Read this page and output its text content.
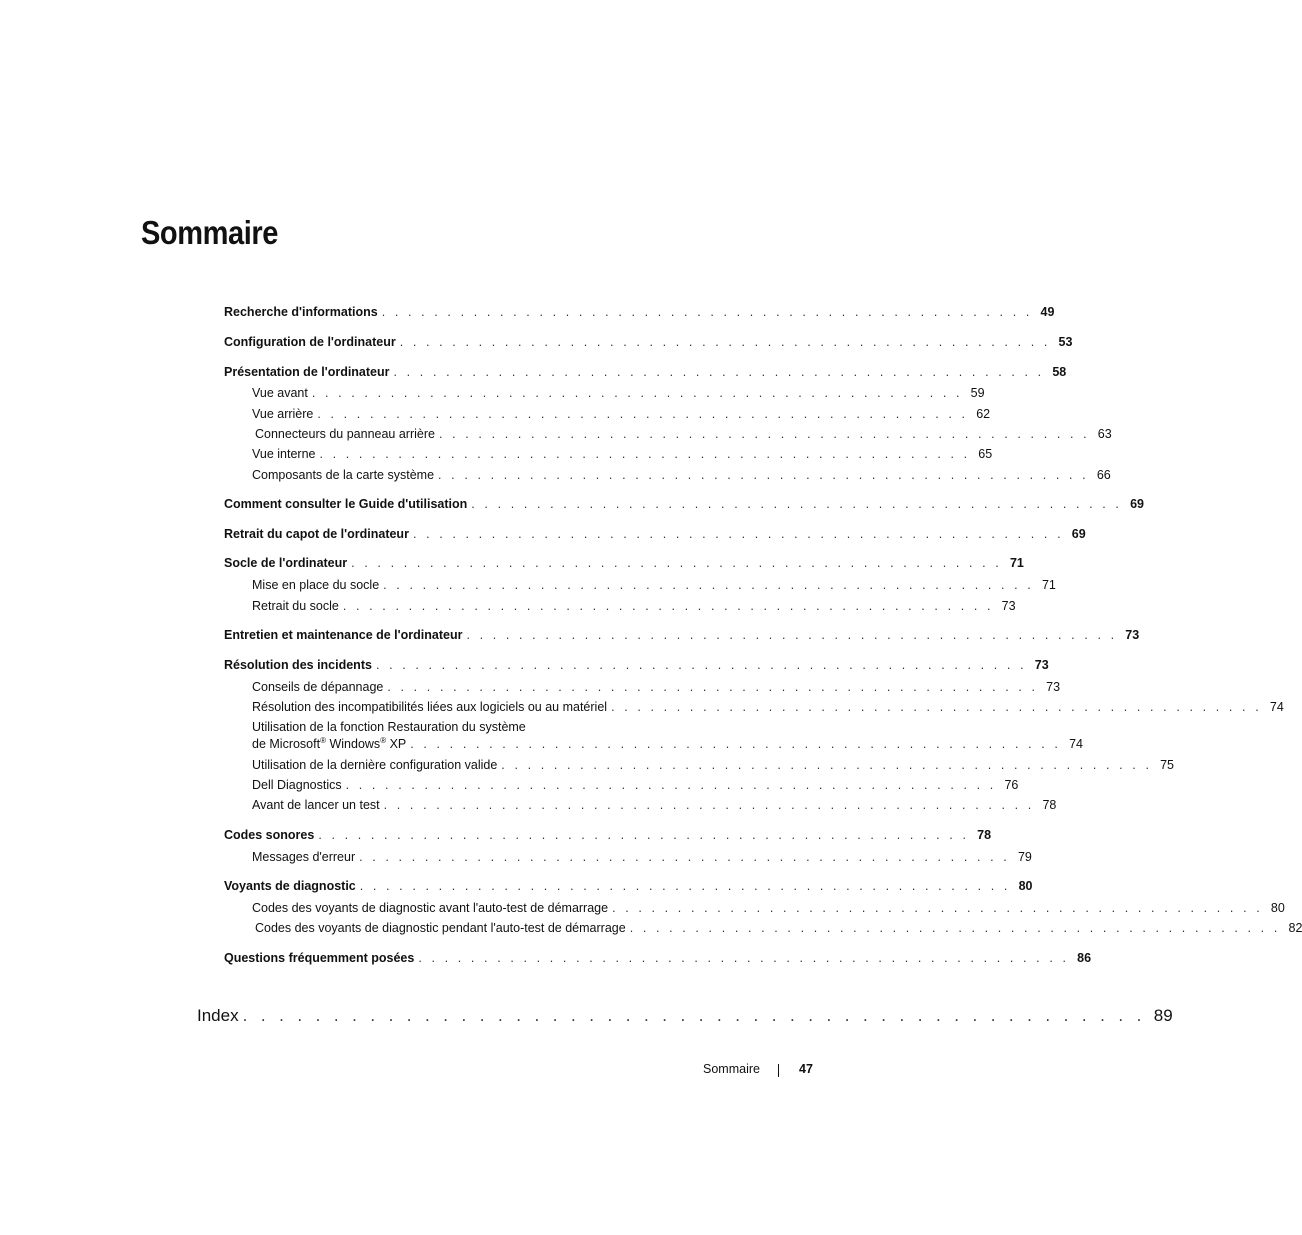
Sommaire
Recherche d'informations . . . . . . . . . . . . . . . . . . . . . . . . . . . . . . . . . . . . . . . . . . . . . . . . . . 49
Configuration de l'ordinateur . . . . . . . . . . . . . . . . . . . . . . . . . . . . . . . . . . . . . . . . . . . . . . . . . . 53
Présentation de l'ordinateur . . . . . . . . . . . . . . . . . . . . . . . . . . . . . . . . . . . . . . . . . . . . . . . . . . 58
Vue avant . . . . . . . . . . . . . . . . . . . . . . . . . . . . . . . . . . . . . . . . . . . . . . . . . . 59
Vue arrière . . . . . . . . . . . . . . . . . . . . . . . . . . . . . . . . . . . . . . . . . . . . . . . . . . 62
Connecteurs du panneau arrière . . . . . . . . . . . . . . . . . . . . . . . . . . . . . . . . . . . . . . . . . . . . . . . . . . 63
Vue interne . . . . . . . . . . . . . . . . . . . . . . . . . . . . . . . . . . . . . . . . . . . . . . . . . . 65
Composants de la carte système . . . . . . . . . . . . . . . . . . . . . . . . . . . . . . . . . . . . . . . . . . . . . . . . . . 66
Comment consulter le Guide d'utilisation . . . . . . . . . . . . . . . . . . . . . . . . . . . . . . . . . . . . . . . . . . . . . . . . . . 69
Retrait du capot de l'ordinateur . . . . . . . . . . . . . . . . . . . . . . . . . . . . . . . . . . . . . . . . . . . . . . . . . . 69
Socle de l'ordinateur . . . . . . . . . . . . . . . . . . . . . . . . . . . . . . . . . . . . . . . . . . . . . . . . . . 71
Mise en place du socle . . . . . . . . . . . . . . . . . . . . . . . . . . . . . . . . . . . . . . . . . . . . . . . . . . 71
Retrait du socle . . . . . . . . . . . . . . . . . . . . . . . . . . . . . . . . . . . . . . . . . . . . . . . . . . 73
Entretien et maintenance de l'ordinateur . . . . . . . . . . . . . . . . . . . . . . . . . . . . . . . . . . . . . . . . . . . . . . . . . . 73
Résolution des incidents . . . . . . . . . . . . . . . . . . . . . . . . . . . . . . . . . . . . . . . . . . . . . . . . . . 73
Conseils de dépannage . . . . . . . . . . . . . . . . . . . . . . . . . . . . . . . . . . . . . . . . . . . . . . . . . . 73
Résolution des incompatibilités liées aux logiciels ou au matériel . . . . . . . . . . . . . . . . . . . . . . . . . . . . . . . . . . . . . . . . . . . . . . . . . . 74
Utilisation de la fonction Restauration du système
de Microsoft® Windows® XP . . . . . . . . . . . . . . . . . . . . . . . . . . . . . . . . . . . . . . . . . . . . . . . . . . 74
Utilisation de la dernière configuration valide . . . . . . . . . . . . . . . . . . . . . . . . . . . . . . . . . . . . . . . . . . . . . . . . . . 75
Dell Diagnostics . . . . . . . . . . . . . . . . . . . . . . . . . . . . . . . . . . . . . . . . . . . . . . . . . . 76
Avant de lancer un test . . . . . . . . . . . . . . . . . . . . . . . . . . . . . . . . . . . . . . . . . . . . . . . . . . 78
Codes sonores . . . . . . . . . . . . . . . . . . . . . . . . . . . . . . . . . . . . . . . . . . . . . . . . . . 78
Messages d'erreur . . . . . . . . . . . . . . . . . . . . . . . . . . . . . . . . . . . . . . . . . . . . . . . . . . 79
Voyants de diagnostic . . . . . . . . . . . . . . . . . . . . . . . . . . . . . . . . . . . . . . . . . . . . . . . . . . 80
Codes des voyants de diagnostic avant l'auto-test de démarrage . . . . . . . . . . . . . . . . . . . . . . . . . . . . . . . . . . . . . . . . . . . . . . . . . . 80
Codes des voyants de diagnostic pendant l'auto-test de démarrage . . . . . . . . . . . . . . . . . . . . . . . . . . . . . . . . . . . . . . . . . . . . . . . . . . 82
Questions fréquemment posées . . . . . . . . . . . . . . . . . . . . . . . . . . . . . . . . . . . . . . . . . . . . . . . . . . 86
Index . . . . . . . . . . . . . . . . . . . . . . . . . . . . . . . . . . . . . . . . . . . . . . . . . . 89
Sommaire	47
